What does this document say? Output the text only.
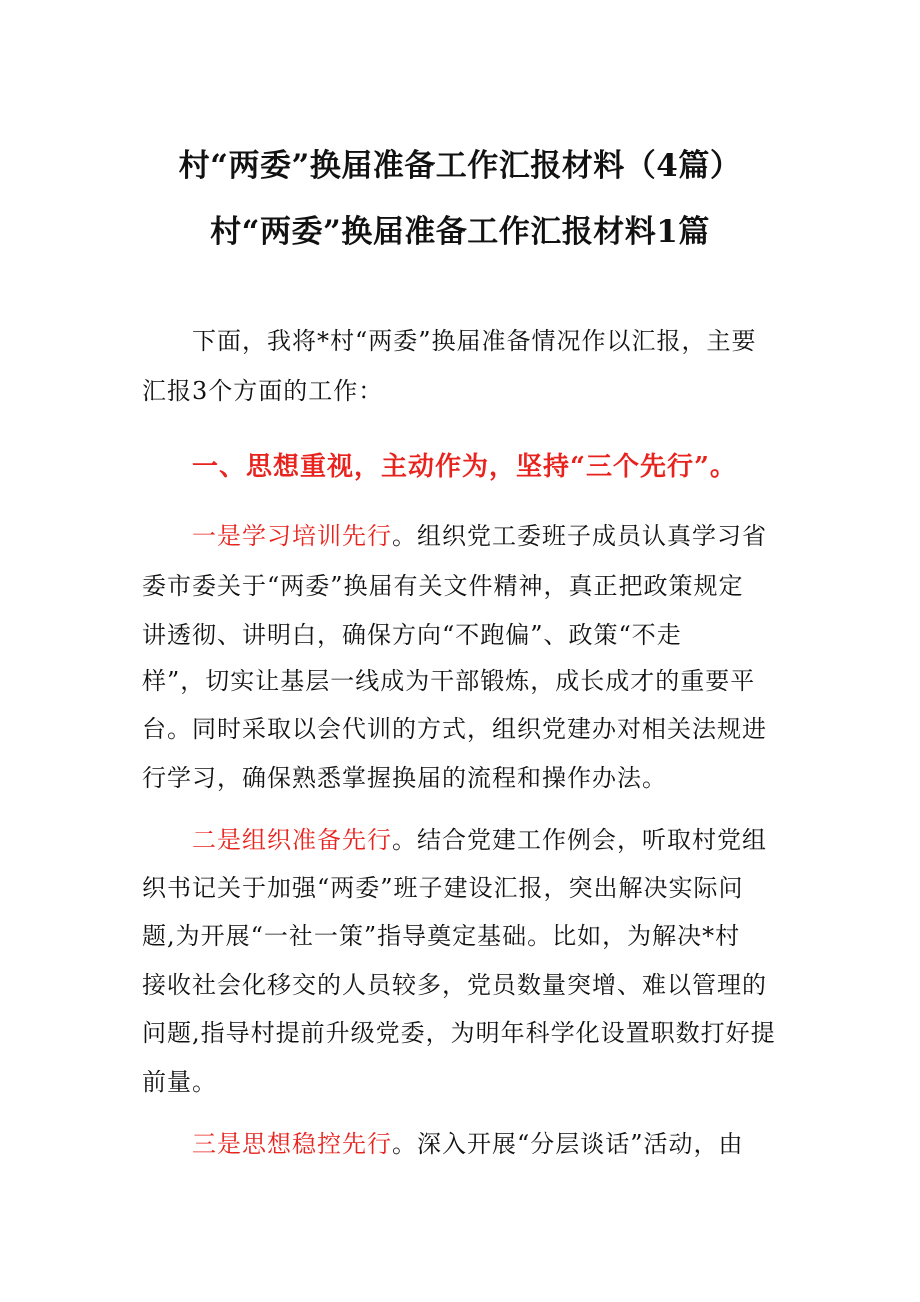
村“两委”换届准备工作汇报材料（4篇）
村“两委”换届准备工作汇报材料1篇
下面，我将*村“两委”换届准备情况作以汇报，主要
汇报3个方面的工作：
一、思想重视，主动作为，坚持“三个先行”。
一是学习培训先行。组织党工委班子成员认真学习省
委市委关于“两委”换届有关文件精神，真正把政策规定
讲透彻、讲明白，确保方向“不跑偏”、政策“不走
样”，切实让基层一线成为干部锻炼，成长成才的重要平
台。同时采取以会代训的方式，组织党建办对相关法规进
行学习，确保熟悉掌握换届的流程和操作办法。
二是组织准备先行。结合党建工作例会，听取村党组
织书记关于加强“两委”班子建设汇报，突出解决实际问
题,为开展“一社一策”指导奠定基础。比如，为解决*村
接收社会化移交的人员较多，党员数量突增、难以管理的
问题,指导村提前升级党委，为明年科学化设置职数打好提
前量。
三是思想稳控先行。深入开展“分层谈话”活动，由
